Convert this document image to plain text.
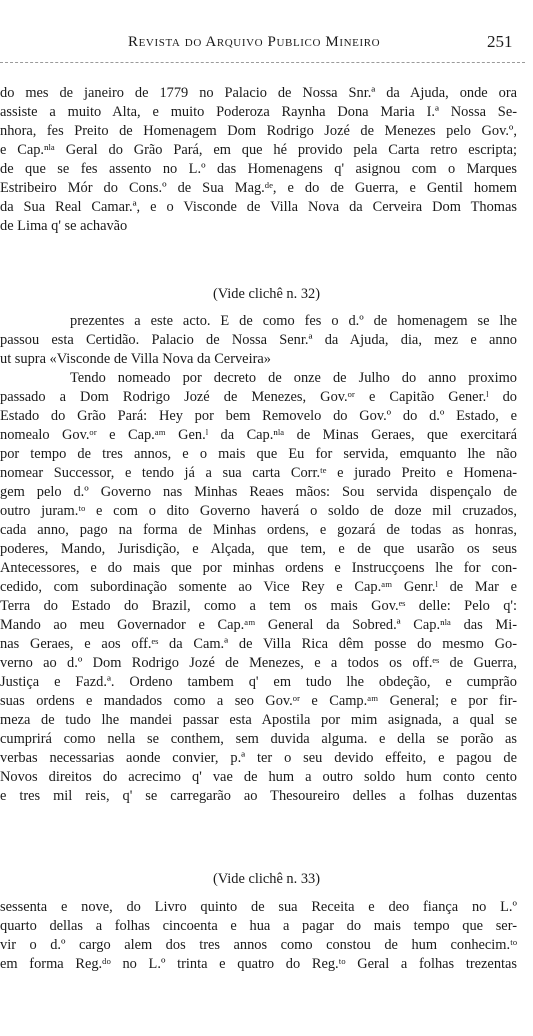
Revista do Arquivo Publico Mineiro	251
do mes de janeiro de 1779 no Palacio de Nossa Snr.ª da Ajuda, onde ora
assiste a muito Alta, e muito Poderoza Raynha Dona Maria I.ª Nossa Se-
nhora, fes Preito de Homenagem Dom Rodrigo Jozé de Menezes pelo Gov.º,
e Cap.ⁿˡᵃ Geral do Grão Pará, em que hé provido pela Carta retro escripta;
de que se fes assento no L.º das Homenagens q' asignou com o Marques
Estribeiro Mór do Cons.º de Sua Mag.ᵈᵉ, e do de Guerra, e Gentil homem
da Sua Real Camar.ª, e o Visconde de Villa Nova da Cerveira Dom Thomas
de Lima q' se achavão
(Vide clichê n. 32)
prezentes a este acto. E de como fes o d.º de homenagem se lhe
passou esta Certidão. Palacio de Nossa Senr.ª da Ajuda, dia, mez e anno
ut supra «Visconde de Villa Nova da Cerveira»
Tendo nomeado por decreto de onze de Julho do anno proximo
passado a Dom Rodrigo Jozé de Menezes, Gov.ᵒʳ e Capitão Gener.ˡ do
Estado do Grão Pará: Hey por bem Removelo do Gov.º do d.º Estado, e
nomealo Gov.ᵒʳ e Cap.ᵃᵐ Gen.ˡ da Cap.ⁿˡᵃ de Minas Geraes, que exercitará
por tempo de tres annos, e o mais que Eu for servida, emquanto lhe não
nomear Successor, e tendo já a sua carta Corr.ᵗᵉ e jurado Preito e Homena-
gem pelo d.º Governo nas Minhas Reaes mãos: Sou servida dispençalo de
outro juram.ᵗᵒ e com o dito Governo haverá o soldo de doze mil cruzados,
cada anno, pago na forma de Minhas ordens, e gozará de todas as honras,
poderes, Mando, Jurisdição, e Alçada, que tem, e de que usarão os seus
Antecessores, e do mais que por minhas ordens e Instrucçoens lhe for con-
cedido, com subordinação somente ao Vice Rey e Cap.ᵃᵐ Genr.ˡ de Mar e
Terra do Estado do Brazil, como a tem os mais Gov.ᵉˢ delle: Pelo q':
Mando ao meu Governador e Cap.ᵃᵐ General da Sobred.ª Cap.ⁿˡᵃ das Mi-
nas Geraes, e aos off.ᵉˢ da Cam.ª de Villa Rica dêm posse do mesmo Go-
verno ao d.º Dom Rodrigo Jozé de Menezes, e a todos os off.ᵉˢ de Guerra,
Justiça e Fazd.ª. Ordeno tambem q' em tudo lhe obdeção, e cumprão
suas ordens e mandados como a seo Gov.ᵒʳ e Camp.ᵃᵐ General; e por fir-
meza de tudo lhe mandei passar esta Apostila por mim asignada, a qual se
cumprirá como nella se conthem, sem duvida alguma. e della se porão as
verbas necessarias aonde convier, p.ª ter o seu devido effeito, e pagou de
Novos direitos do acrecimo q' vae de hum a outro soldo hum conto cento
e tres mil reis, q' se carregarão ao Thesoureiro delles a folhas duzentas
(Vide clichê n. 33)
sessenta e nove, do Livro quinto de sua Receita e deo fiança no L.º
quarto dellas a folhas cincoenta e hua a pagar do mais tempo que ser-
vir o d.º cargo alem dos tres annos como constou de hum conhecim.ᵗᵒ
em forma Reg.ᵈᵒ no L.º trinta e quatro do Reg.ᵗᵒ Geral a folhas trezentas
